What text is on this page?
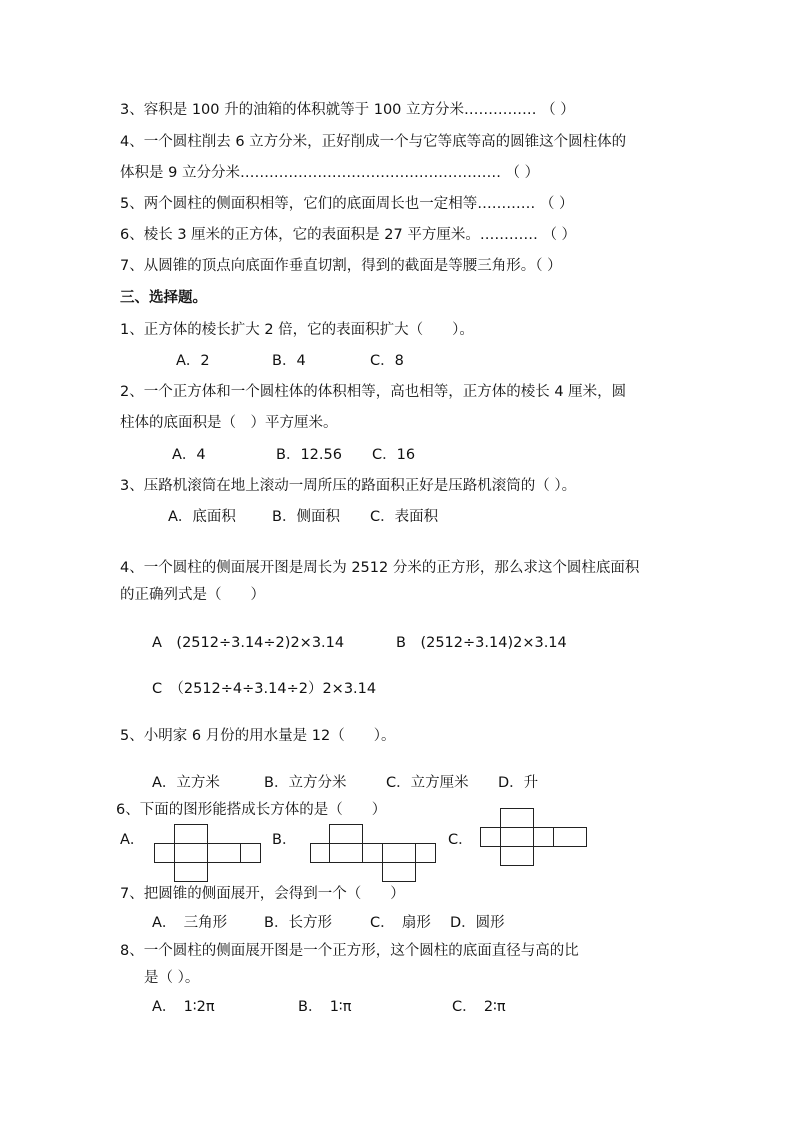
3、容积是 100 升的油箱的体积就等于 100 立方分米…………… （ ）
4、一个圆柱削去 6 立方分米，正好削成一个与它等底等高的圆锥这个圆柱体的
体积是 9 立分分米……………………………………………… （ ）
5、两个圆柱的侧面积相等，它们的底面周长也一定相等………… （ ）
6、棱长 3 厘米的正方体，它的表面积是 27 平方厘米。………… （ ）
7、从圆锥的顶点向底面作垂直切割，得到的截面是等腰三角形。（ ）
三、选择题。
1、正方体的棱长扩大 2 倍，它的表面积扩大（　　）。
A．2	B．4	C．8
2、一个正方体和一个圆柱体的体积相等，高也相等，正方体的棱长 4 厘米，圆
柱体的底面积是（　）平方厘米。
A．4	B．12.56 C．16
3、压路机滚筒在地上滚动一周所压的路面积正好是压路机滚筒的（ ）。
A．底面积 B．侧面积 C．表面积
4、一个圆柱的侧面展开图是周长为 2512 分米的正方形，那么求这个圆柱底面积
的正确列式是（　　）
A　(2512÷3.14÷2)2×3.14	B　(2512÷3.14)2×3.14
C　（2512÷4÷3.14÷2）2×3.14
5、小明家 6 月份的用水量是 12（　　）。
A．立方米	B．立方分米	C．立方厘米 D．升
6、下面的图形能搭成长方体的是（　　）
A．	B．	C．
7、把圆锥的侧面展开，会得到一个（　　）
A．　三角形	B．长方形	C．　扇形 D．圆形
8、一个圆柱的侧面展开图是一个正方形，这个圆柱的底面直径与高的比
是（ ）。
A．　1∶2π	B．　1∶π	C．　2∶π
